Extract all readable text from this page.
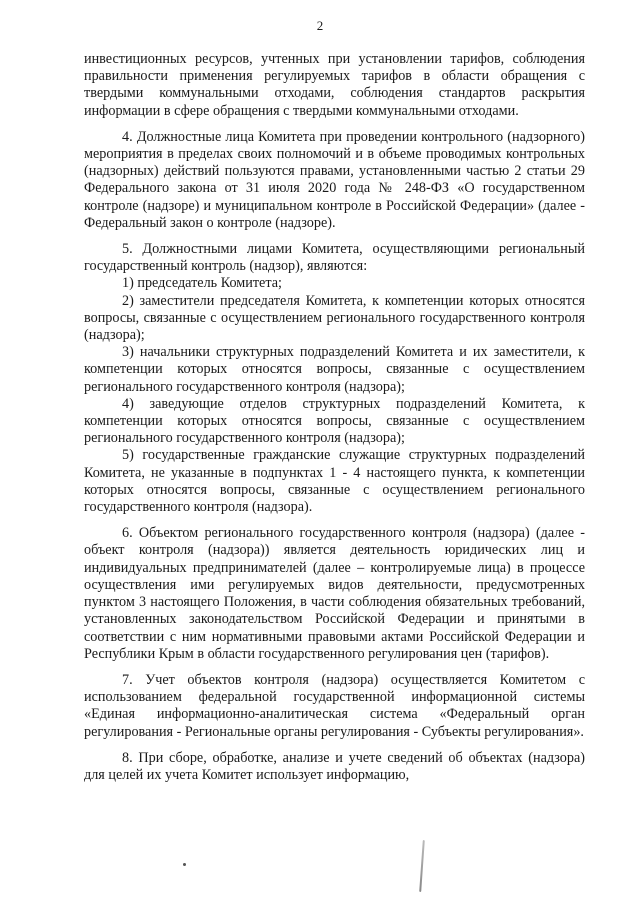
2

инвестиционных ресурсов, учтенных при установлении тарифов, соблюдения правильности применения регулируемых тарифов в области обращения с твердыми коммунальными отходами, соблюдения стандартов раскрытия информации в сфере обращения с твердыми коммунальными отходами.

4. Должностные лица Комитета при проведении контрольного (надзорного) мероприятия в пределах своих полномочий и в объеме проводимых контрольных (надзорных) действий пользуются правами, установленными частью 2 статьи 29 Федерального закона от 31 июля 2020 года № 248-ФЗ «О государственном контроле (надзоре) и муниципальном контроле в Российской Федерации» (далее - Федеральный закон о контроле (надзоре).

5. Должностными лицами Комитета, осуществляющими региональный государственный контроль (надзор), являются:

1) председатель Комитета;

2) заместители председателя Комитета, к компетенции которых относятся вопросы, связанные с осуществлением регионального государственного контроля (надзора);

3) начальники структурных подразделений Комитета и их заместители, к компетенции которых относятся вопросы, связанные с осуществлением регионального государственного контроля (надзора);

4) заведующие отделов структурных подразделений Комитета, к компетенции которых относятся вопросы, связанные с осуществлением регионального государственного контроля (надзора);

5) государственные гражданские служащие структурных подразделений Комитета, не указанные в подпунктах 1 - 4 настоящего пункта, к компетенции которых относятся вопросы, связанные с осуществлением регионального государственного контроля (надзора).

6. Объектом регионального государственного контроля (надзора) (далее - объект контроля (надзора)) является деятельность юридических лиц и индивидуальных предпринимателей (далее – контролируемые лица) в процессе осуществления ими регулируемых видов деятельности, предусмотренных пунктом 3 настоящего Положения, в части соблюдения обязательных требований, установленных законодательством Российской Федерации и принятыми в соответствии с ним нормативными правовыми актами Российской Федерации и Республики Крым в области государственного регулирования цен (тарифов).

7. Учет объектов контроля (надзора) осуществляется Комитетом с использованием федеральной государственной информационной системы «Единая информационно-аналитическая система «Федеральный орган регулирования - Региональные органы регулирования - Субъекты регулирования».

8. При сборе, обработке, анализе и учете сведений об объектах (надзора) для целей их учета Комитет использует информацию,
